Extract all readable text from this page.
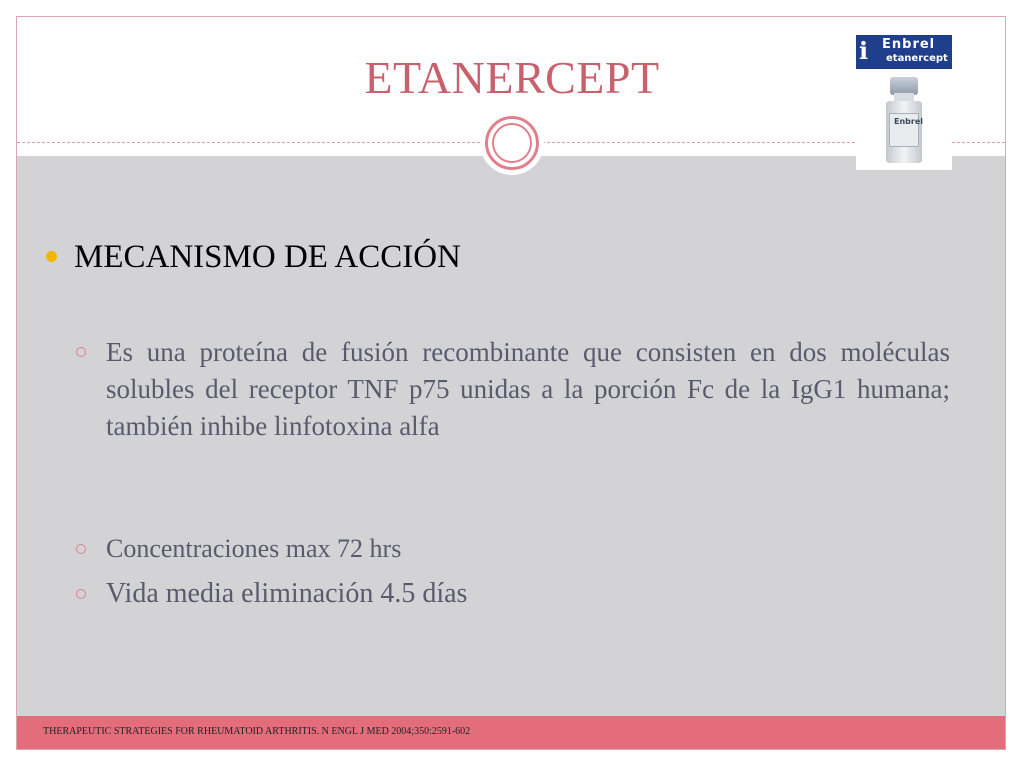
ETANERCEPT
ℹ Enbrel
etanercept
Enbrel
MECANISMO DE ACCIÓN
Es una proteína de fusión recombinante que consisten en dos moléculas solubles del receptor TNF p75 unidas a la porción Fc de la IgG1 humana; también inhibe linfotoxina alfa
Concentraciones max 72 hrs
Vida media eliminación 4.5 días
THERAPEUTIC STRATEGIES FOR RHEUMATOID ARTHRITIS. N ENGL J MED 2004;350:2591-602
